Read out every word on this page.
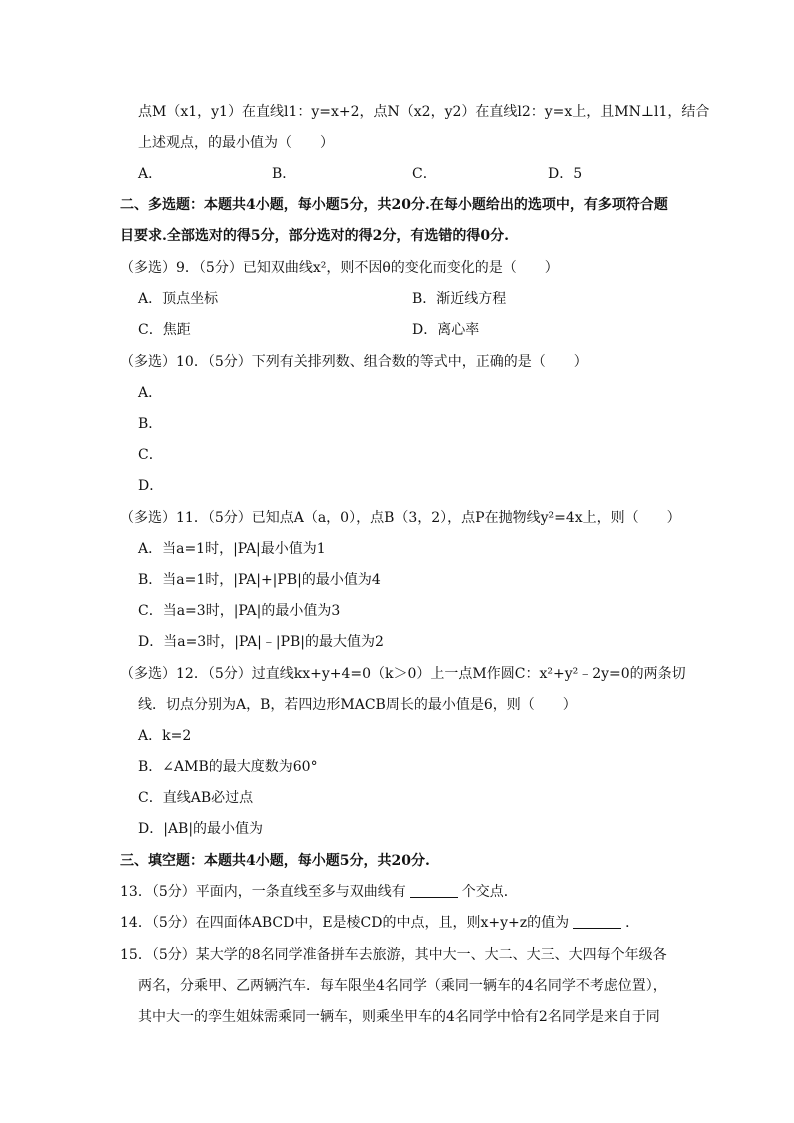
点M（x1，y1）在直线l1：y=x+2，点N（x2，y2）在直线l2：y=x上，且MN⊥l1，结合
上述观点，的最小值为（　　）
A．	B．	C．	D．5
二、多选题：本题共4小题，每小题5分，共20分.在每小题给出的选项中，有多项符合题
目要求.全部选对的得5分，部分选对的得2分，有选错的得0分.
（多选）9．（5分）已知双曲线x²，则不因θ的变化而变化的是（　　）
A．顶点坐标	B．渐近线方程
C．焦距	D．离心率
（多选）10．（5分）下列有关排列数、组合数的等式中，正确的是（　　）
A．
B．
C．
D．
（多选）11．（5分）已知点A（a，0），点B（3，2），点P在抛物线y²=4x上，则（　　）
A．当a=1时，|PA|最小值为1
B．当a=1时，|PA|+|PB|的最小值为4
C．当a=3时，|PA|的最小值为3
D．当a=3时，|PA|﹣|PB|的最大值为2
（多选）12．（5分）过直线kx+y+4=0（k＞0）上一点M作圆C：x²+y²﹣2y=0的两条切
线．切点分别为A，B，若四边形MACB周长的最小值是6，则（　　）
A．k=2
B．∠AMB的最大度数为60°
C．直线AB必过点
D．|AB|的最小值为
三、填空题：本题共4小题，每小题5分，共20分.
13．（5分）平面内，一条直线至多与双曲线有	个交点．
14．（5分）在四面体ABCD中，E是棱CD的中点，且，则x+y+z的值为	．
15．（5分）某大学的8名同学准备拼车去旅游，其中大一、大二、大三、大四每个年级各
两名，分乘甲、乙两辆汽车．每车限坐4名同学（乘同一辆车的4名同学不考虑位置），
其中大一的孪生姐妹需乘同一辆车，则乘坐甲车的4名同学中恰有2名同学是来自于同
